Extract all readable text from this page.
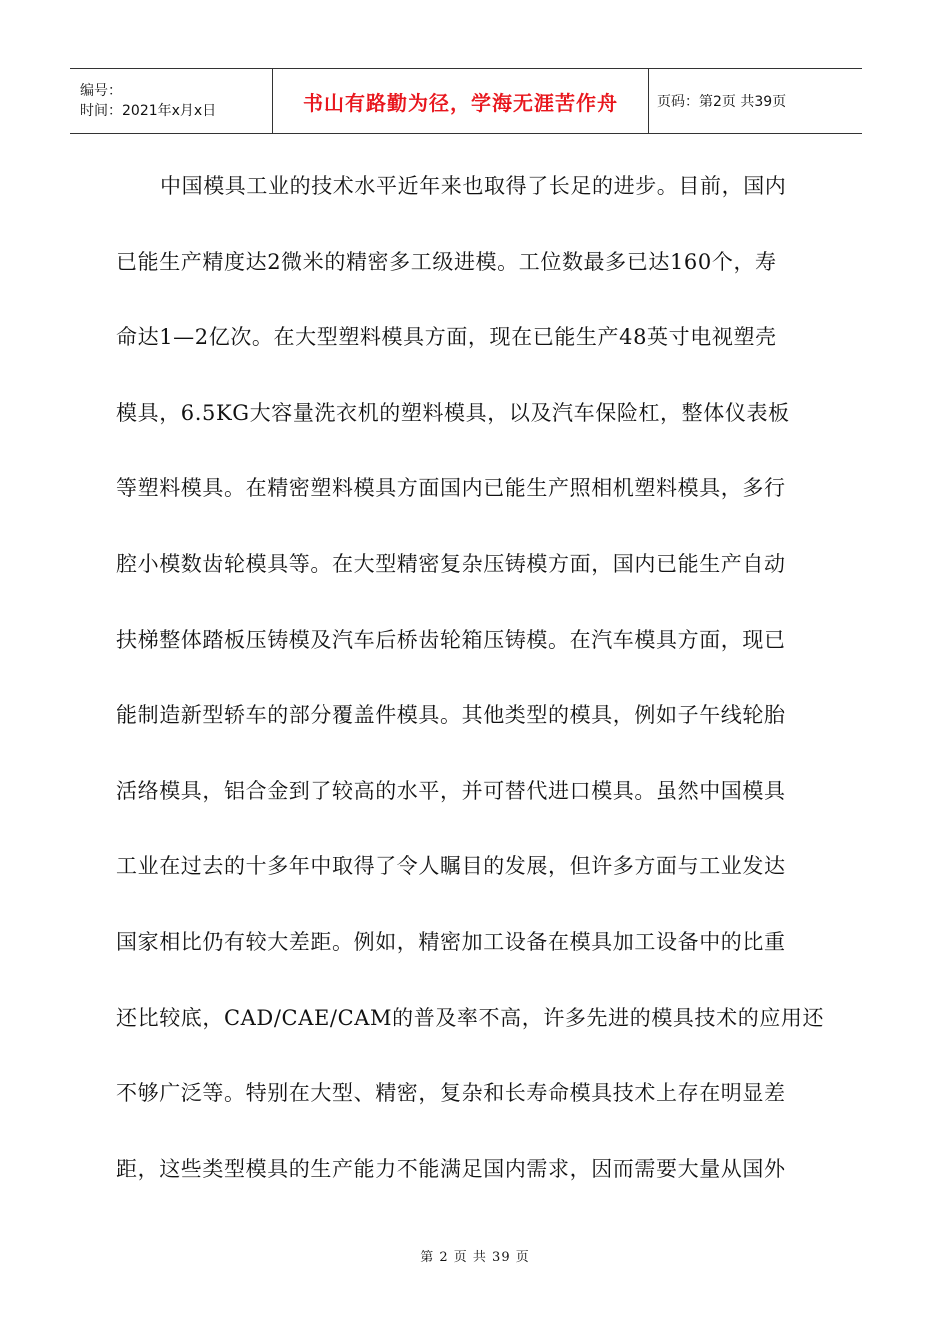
编号：
时间：2021年x月x日	书山有路勤为径，学海无涯苦作舟	页码：第2页 共39页
中国模具工业的技术水平近年来也取得了长足的进步。目前，国内
已能生产精度达2微米的精密多工级进模。工位数最多已达160个，寿
命达1—2亿次。在大型塑料模具方面，现在已能生产48英寸电视塑壳
模具，6.5KG大容量洗衣机的塑料模具，以及汽车保险杠，整体仪表板
等塑料模具。在精密塑料模具方面国内已能生产照相机塑料模具，多行
腔小模数齿轮模具等。在大型精密复杂压铸模方面，国内已能生产自动
扶梯整体踏板压铸模及汽车后桥齿轮箱压铸模。在汽车模具方面，现已
能制造新型轿车的部分覆盖件模具。其他类型的模具，例如子午线轮胎
活络模具，铝合金到了较高的水平，并可替代进口模具。虽然中国模具
工业在过去的十多年中取得了令人瞩目的发展，但许多方面与工业发达
国家相比仍有较大差距。例如，精密加工设备在模具加工设备中的比重
还比较底，CAD/CAE/CAM的普及率不高，许多先进的模具技术的应用还
不够广泛等。特别在大型、精密，复杂和长寿命模具技术上存在明显差
距，这些类型模具的生产能力不能满足国内需求，因而需要大量从国外
第 2 页 共 39 页
